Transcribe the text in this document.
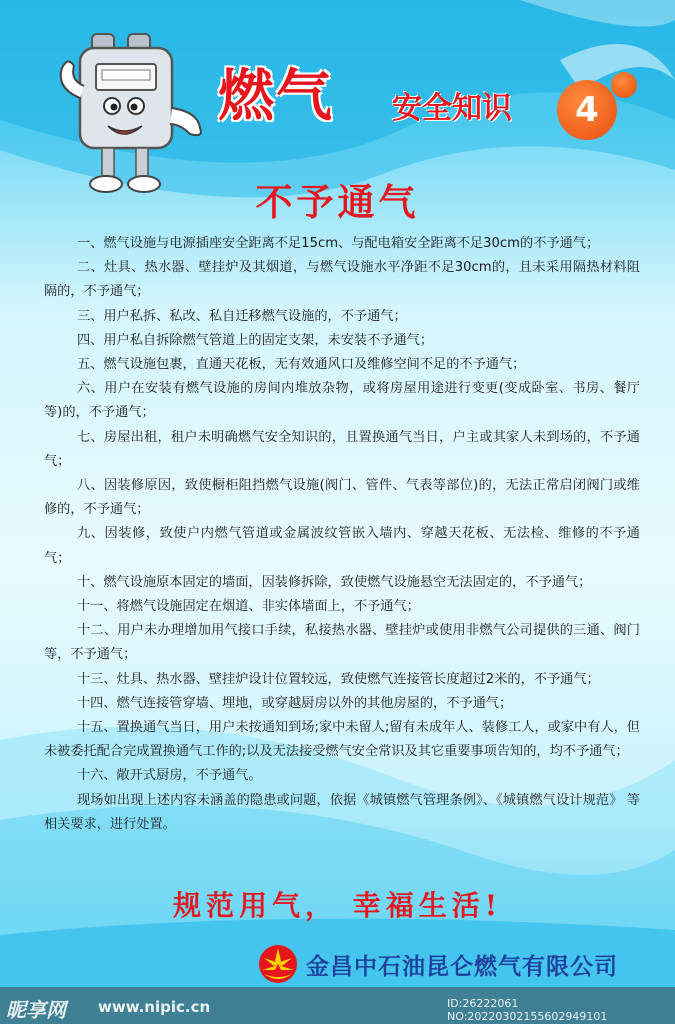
燃气 安全知识	4
不予通气

一、燃气设施与电源插座安全距离不足15cm、与配电箱安全距离不足30cm的不予通气；

二、灶具、热水器、壁挂炉及其烟道，与燃气设施水平净距不足30cm的，且未采用隔热材料阻隔的，不予通气；

三、用户私拆、私改、私自迁移燃气设施的，不予通气；

四、用户私自拆除燃气管道上的固定支架，未安装不予通气；

五、燃气设施包裹，直通天花板，无有效通风口及维修空间不足的不予通气；

六、用户在安装有燃气设施的房间内堆放杂物，或将房屋用途进行变更(变成卧室、书房、餐厅等)的，不予通气；

七、房屋出租，租户未明确燃气安全知识的，且置换通气当日，户主或其家人未到场的，不予通气；

八、因装修原因，致使橱柜阻挡燃气设施(阀门、管件、气表等部位)的，无法正常启闭阀门或维修的，不予通气；

九、因装修，致使户内燃气管道或金属波纹管嵌入墙内、穿越天花板、无法检、维修的不予通气；

十、燃气设施原本固定的墙面，因装修拆除，致使燃气设施悬空无法固定的，不予通气；

十一、将燃气设施固定在烟道、非实体墙面上，不予通气；

十二、用户未办理增加用气接口手续，私接热水器、壁挂炉或使用非燃气公司提供的三通、阀门等，不予通气；

十三、灶具、热水器、壁挂炉设计位置较远，致使燃气连接管长度超过2米的，不予通气；

十四、燃气连接管穿墙、埋地，或穿越厨房以外的其他房屋的，不予通气；

十五、置换通气当日，用户未按通知到场;家中未留人;留有未成年人、装修工人，或家中有人，但未被委托配合完成置换通气工作的;以及无法接受燃气安全常识及其它重要事项告知的，均不予通气；

十六、敞开式厨房，不予通气。

现场如出现上述内容未涵盖的隐患或问题，依据《城镇燃气管理条例》、《城镇燃气设计规范》 等相关要求，进行处置。

规范用气， 幸福生活!
金昌中石油昆仑燃气有限公司
昵享网 www.nipic.cn	ID:26222061 NO:20220302155602949101
